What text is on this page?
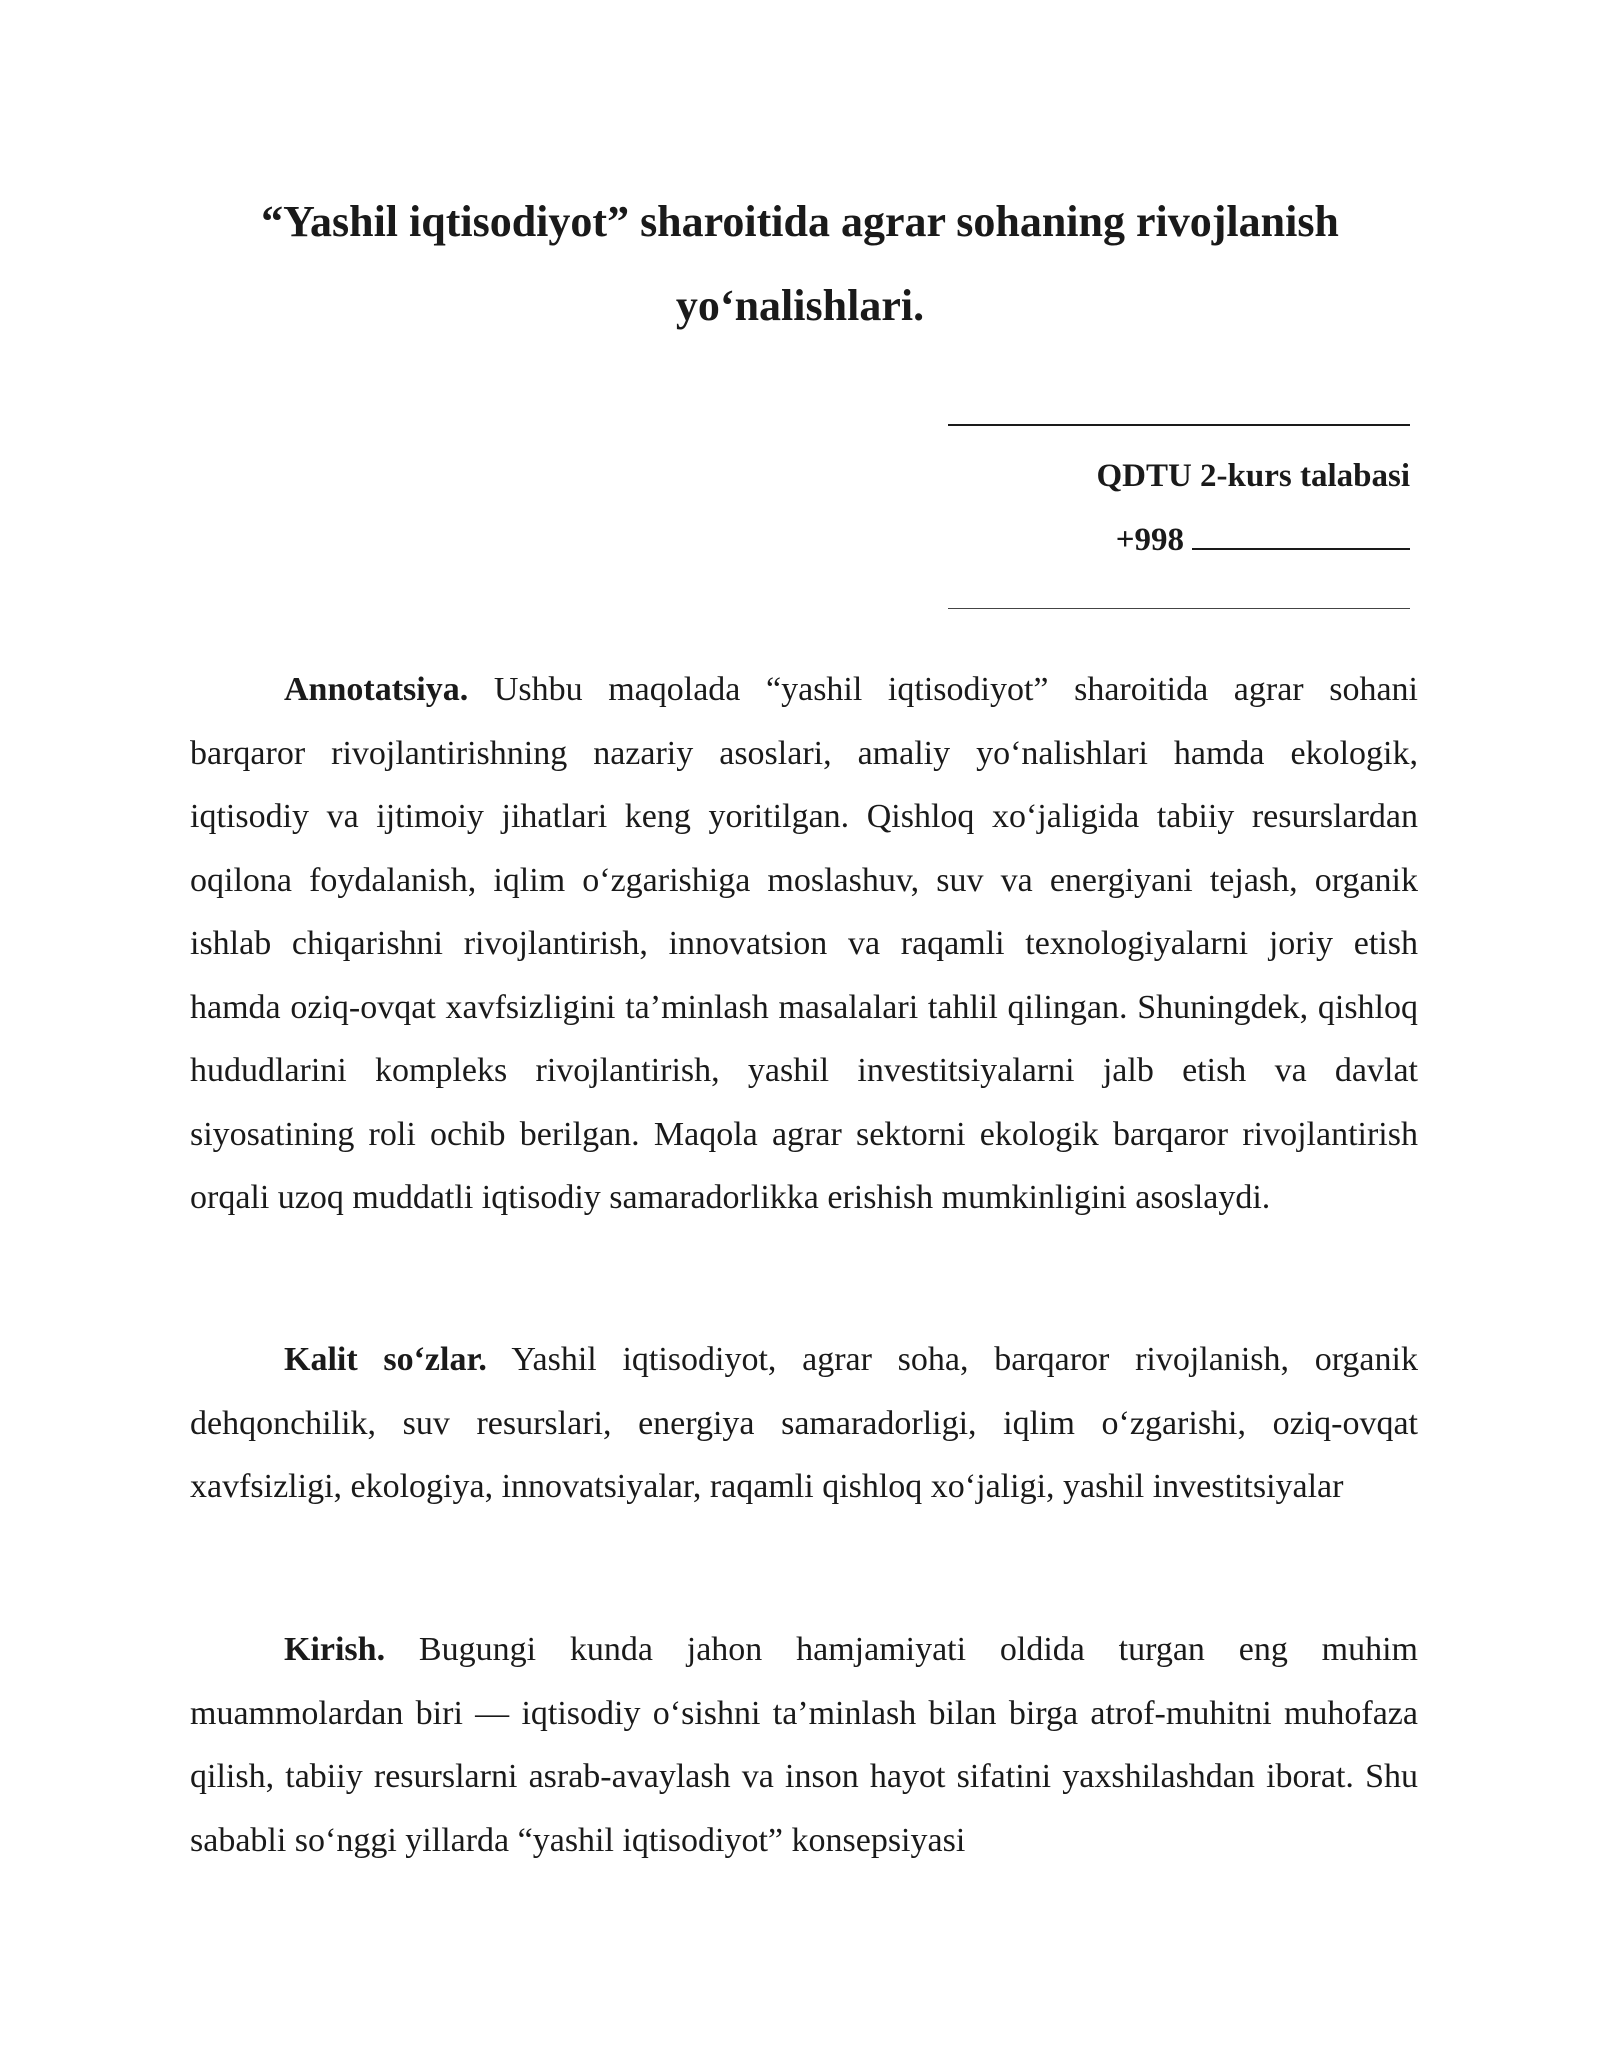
“Yashil iqtisodiyot” sharoitida agrar sohaning rivojlanish
yo‘nalishlari.
QDTU 2-kurs talabasi
+998

Annotatsiya. Ushbu maqolada “yashil iqtisodiyot” sharoitida agrar sohani barqaror rivojlantirishning nazariy asoslari, amaliy yo‘nalishlari hamda ekologik, iqtisodiy va ijtimoiy jihatlari keng yoritilgan. Qishloq xo‘jaligida tabiiy resurslardan oqilona foydalanish, iqlim o‘zgarishiga moslashuv, suv va energiyani tejash, organik ishlab chiqarishni rivojlantirish, innovatsion va raqamli texnologiyalarni joriy etish hamda oziq-ovqat xavfsizligini ta’minlash masalalari tahlil qilingan. Shuningdek, qishloq hududlarini kompleks rivojlantirish, yashil investitsiyalarni jalb etish va davlat siyosatining roli ochib berilgan. Maqola agrar sektorni ekologik barqaror rivojlantirish orqali uzoq muddatli iqtisodiy samaradorlikka erishish mumkinligini asoslaydi.

Kalit so‘zlar. Yashil iqtisodiyot, agrar soha, barqaror rivojlanish, organik dehqonchilik, suv resurslari, energiya samaradorligi, iqlim o‘zgarishi, oziq-ovqat xavfsizligi, ekologiya, innovatsiyalar, raqamli qishloq xo‘jaligi, yashil investitsiyalar

Kirish. Bugungi kunda jahon hamjamiyati oldida turgan eng muhim muammolardan biri — iqtisodiy o‘sishni ta’minlash bilan birga atrof-muhitni muhofaza qilish, tabiiy resurslarni asrab-avaylash va inson hayot sifatini yaxshilashdan iborat. Shu sababli so‘nggi yillarda “yashil iqtisodiyot” konsepsiyasi
